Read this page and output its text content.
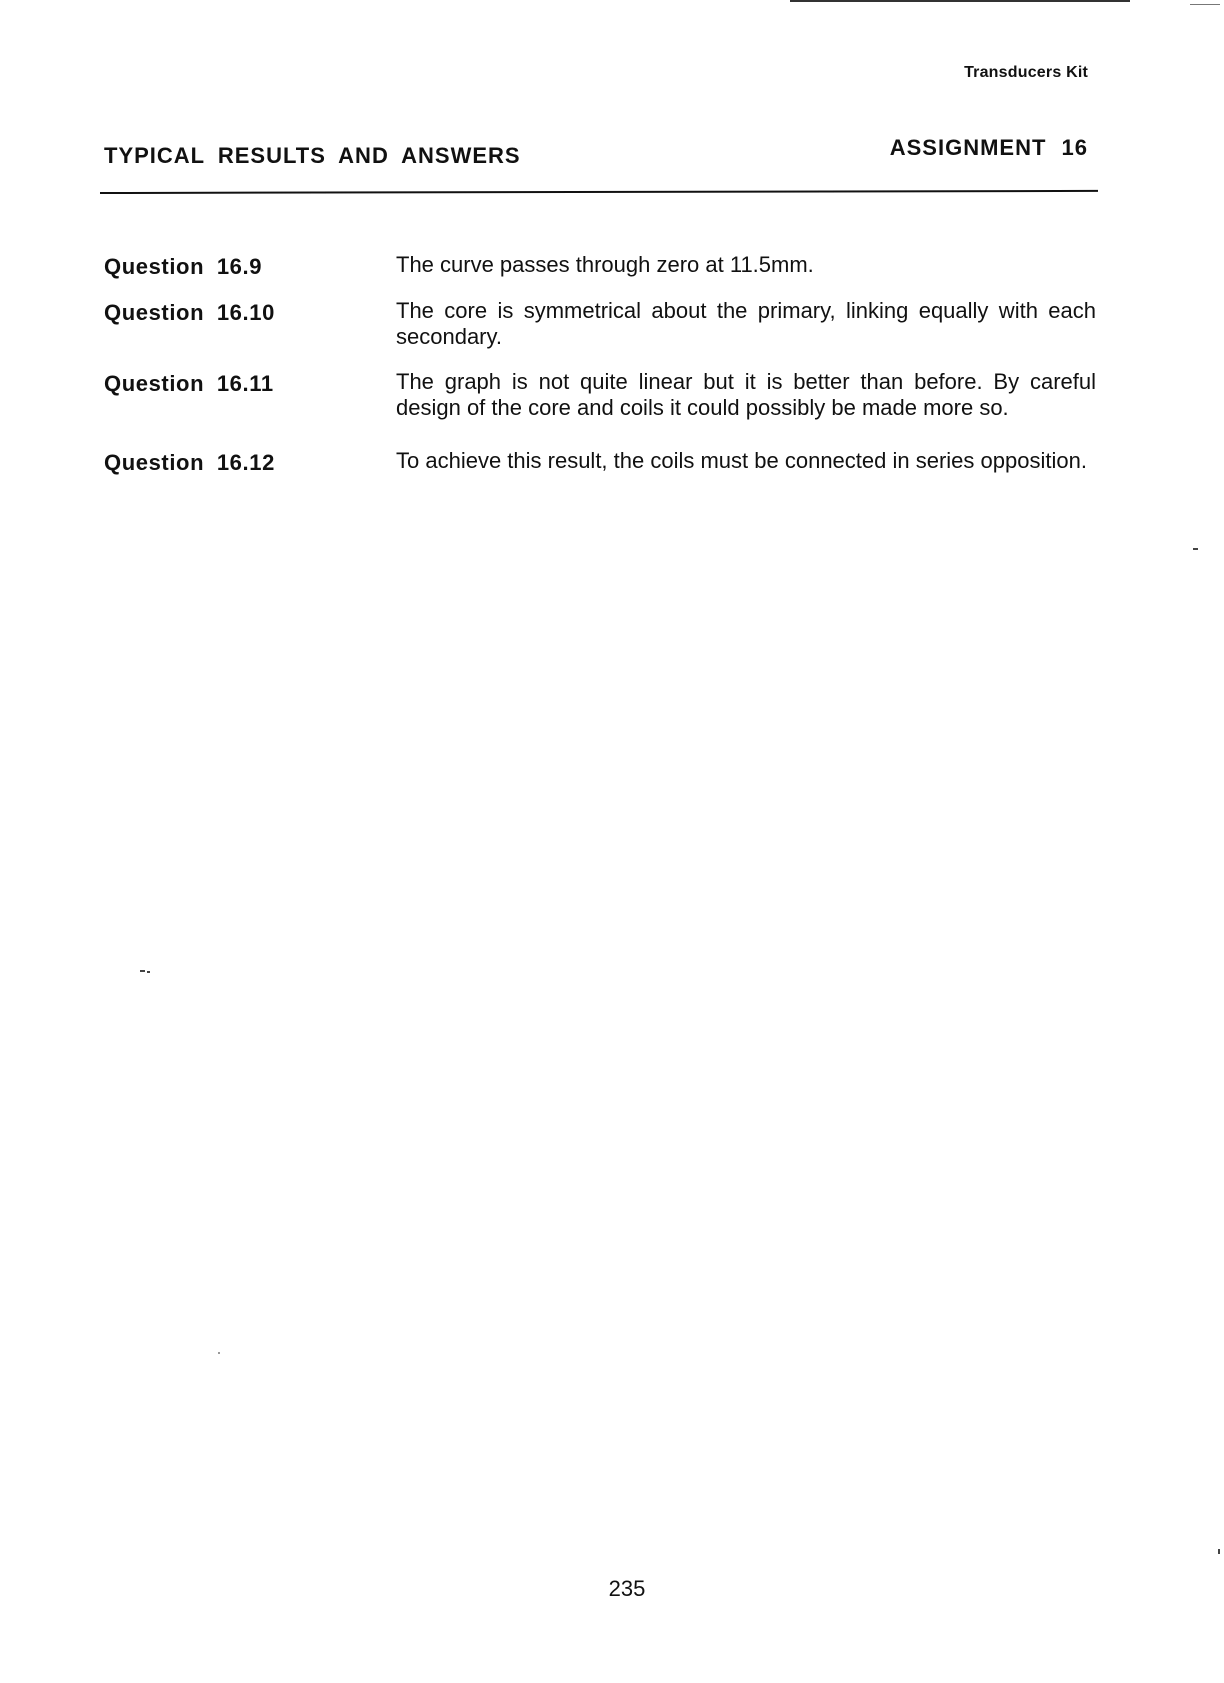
Transducers Kit
TYPICAL RESULTS AND ANSWERS	ASSIGNMENT 16
Question 16.9	The curve passes through zero at 11.5mm.
Question 16.10	The core is symmetrical about the primary, linking equally with each secondary.
Question 16.11	The graph is not quite linear but it is better than before. By careful design of the core and coils it could possibly be made more so.
Question 16.12	To achieve this result, the coils must be connected in series opposition.
235
